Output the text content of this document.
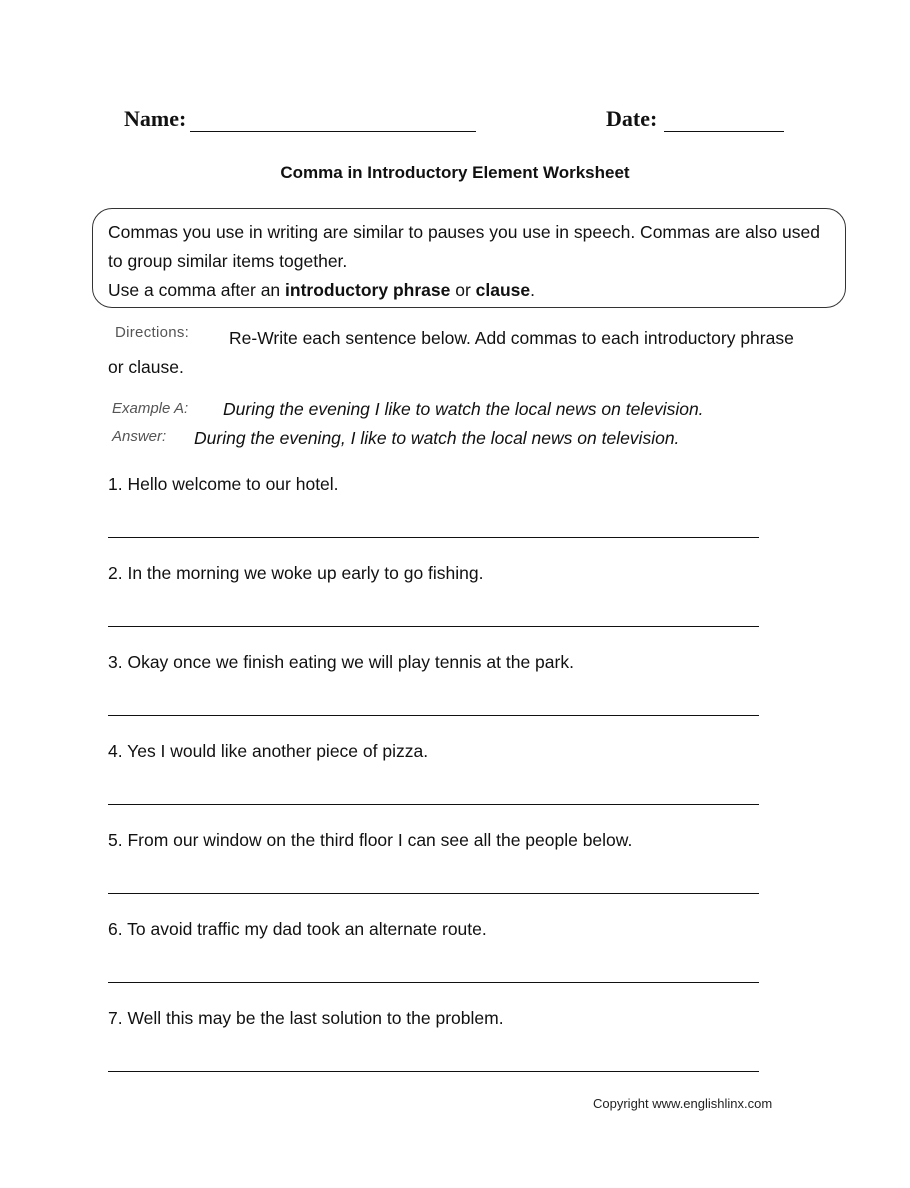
Name:	Date:
Comma in Introductory Element Worksheet
Commas you use in writing are similar to pauses you use in speech. Commas are also used to group similar items together.
Use a comma after an introductory phrase or clause.
Directions:	Re-Write each sentence below. Add commas to each introductory phrase or clause.
Example A: During the evening I like to watch the local news on television.
Answer: During the evening, I like to watch the local news on television.
1. Hello welcome to our hotel.
2. In the morning we woke up early to go fishing.
3. Okay once we finish eating we will play tennis at the park.
4. Yes I would like another piece of pizza.
5. From our window on the third floor I can see all the people below.
6. To avoid traffic my dad took an alternate route.
7. Well this may be the last solution to the problem.
Copyright www.englishlinx.com
